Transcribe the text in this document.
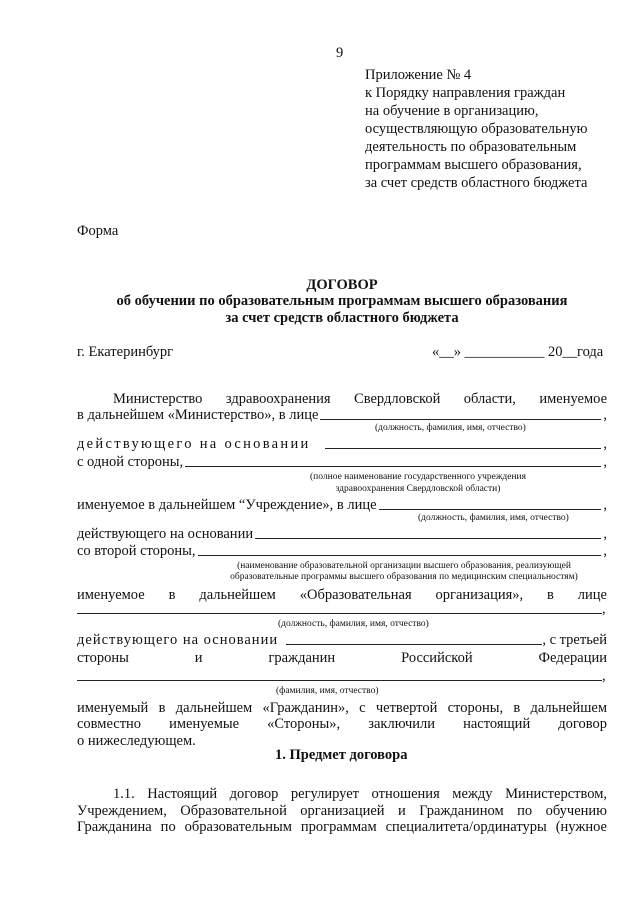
9
Приложение № 4
к Порядку направления граждан
на обучение в организацию,
осуществляющую образовательную
деятельность по образовательным
программам высшего образования,
за счет средств областного бюджета
Форма
ДОГОВОР
об обучении по образовательным программам высшего образования
за счет средств областного бюджета
г. Екатеринбург	«__» ___________ 20__года
Министерство здравоохранения Свердловской области, именуемое
в дальнейшем «Министерство», в лице	,
(должность, фамилия, имя, отчество)
действующего на основании	,
с одной стороны,	,
(полное наименование государственного учреждения
здравоохранения Свердловской области)
именуемое в дальнейшем “Учреждение», в лице	,
(должность, фамилия, имя, отчество)
действующего на основании	,
со второй стороны,	,
(наименование образовательной организации высшего образования, реализующей
образовательные программы высшего образования по медицинским специальностям)
именуемое в дальнейшем «Образовательная организация», в лице
,
(должность, фамилия, имя, отчество)
действующего на основании	, с третьей
стороны и гражданин Российской Федерации
,
(фамилия, имя, отчество)
именуемый в дальнейшем «Гражданин», с четвертой стороны, в дальнейшем
совместно именуемые «Стороны», заключили настоящий договор
о нижеследующем.
1. Предмет договора
1.1. Настоящий договор регулирует отношения между Министерством,
Учреждением, Образовательной организацией и Гражданином по обучению
Гражданина по образовательным программам специалитета/ординатуры (нужное
